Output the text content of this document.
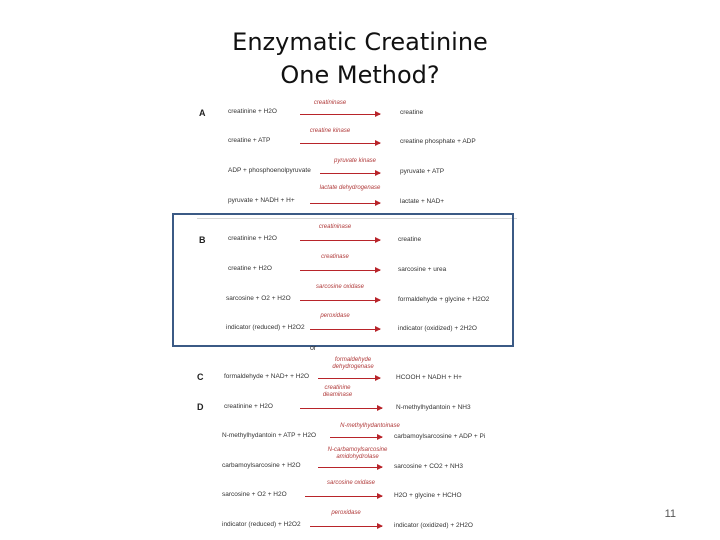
Enzymatic Creatinine
One Method?
A
creatininase
creatinine + H2O	creatine
creatine kinase
creatine + ATP	creatine phosphate + ADP
pyruvate kinase
ADP + phosphoenolpyruvate	pyruvate + ATP
lactate dehydrogenase
pyruvate + NADH + H+	lactate + NAD+
B
creatininase
creatinine + H2O	creatine
creatinase
creatine + H2O	sarcosine + urea
sarcosine oxidase
sarcosine + O2 + H2O	formaldehyde + glycine + H2O2
peroxidase
indicator (reduced) + H2O2	indicator (oxidized) + 2H2O
or
C
formaldehyde dehydrogenase
formaldehyde + NAD+ + H2O	HCOOH + NADH + H+
D
creatinine deaminase
creatinine + H2O	N-methylhydantoin + NH3
N-methylhydantoinase
N-methylhydantoin + ATP + H2O	carbamoylsarcosine + ADP + Pi
N-carbamoylsarcosine amidohydrolase
carbamoylsarcosine + H2O	sarcosine + CO2 + NH3
sarcosine oxidase
sarcosine + O2 + H2O	H2O + glycine + HCHO
peroxidase
indicator (reduced) + H2O2	indicator (oxidized) + 2H2O
11
